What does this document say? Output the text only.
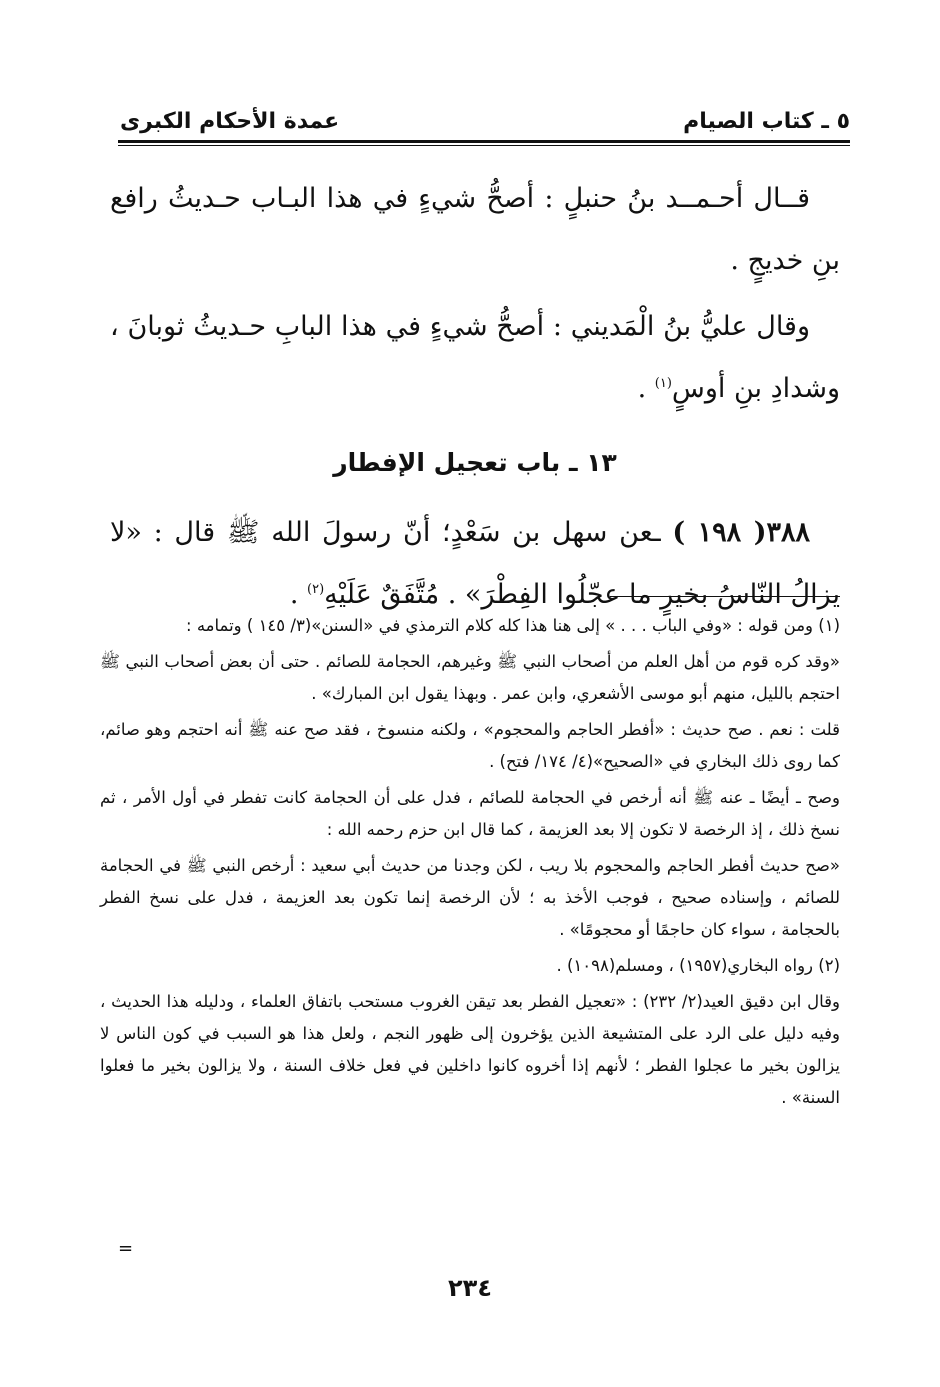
٥ ـ كتاب الصيام
عمدة الأحكام الكبرى

قــال أحـمــد بنُ حنبلٍ : أصحُّ شيءٍ في هذا البـاب حـديثُ رافع بنِ خديجٍ .

وقال عليُّ بنُ الْمَديني : أصحُّ شيءٍ في هذا البابِ حـديثُ ثوبانَ ، وشدادِ بنِ أوسٍ$^{(١)}$ .

١٣ ـ باب تعجيل الإفطار

٣٨٨( ١٩٨ ) ـعن سهل بن سَعْدٍ؛ أنّ رسولَ الله ﷺ قال : «لا يزالُ النّاسُ بخيرٍ ما عجّلُوا الفِطْرَ» . مُتَّفَقٌ عَلَيْهِ$^{(٢)}$ .

(١) ومن قوله : «وفي الباب . . . » إلى هنا هذا كله كلام الترمذي في «السنن»(٣/ ١٤٥ ) وتمامه :

«وقد كره قوم من أهل العلم من أصحاب النبي ﷺ وغيرهم، الحجامة للصائم . حتى أن بعض أصحاب النبي ﷺ احتجم بالليل، منهم أبو موسى الأشعري، وابن عمر . وبهذا يقول ابن المبارك» .

قلت : نعم . صح حديث : «أفطر الحاجم والمحجوم» ، ولكنه منسوخ ، فقد صح عنه ﷺ أنه احتجم وهو صائم، كما روى ذلك البخاري في «الصحيح»(٤/ ١٧٤/ فتح) .

وصح ـ أيضًا ـ عنه ﷺ أنه أرخص في الحجامة للصائم ، فدل على أن الحجامة كانت تفطر في أول الأمر ، ثم نسخ ذلك ، إذ الرخصة لا تكون إلا بعد العزيمة ، كما قال ابن حزم رحمه الله :

«صح حديث أفطر الحاجم والمحجوم بلا ريب ، لكن وجدنا من حديث أبي سعيد : أرخص النبي ﷺ في الحجامة للصائم ، وإسناده صحيح ، فوجب الأخذ به ؛ لأن الرخصة إنما تكون بعد العزيمة ، فدل على نسخ الفطر بالحجامة ، سواء كان حاجمًا أو محجومًا» .

(٢) رواه البخاري(١٩٥٧) ، ومسلم(١٠٩٨) .

وقال ابن دقيق العيد(٢/ ٢٣٢) : «تعجيل الفطر بعد تيقن الغروب مستحب باتفاق العلماء ، ودليله هذا الحديث ، وفيه دليل على الرد على المتشيعة الذين يؤخرون إلى ظهور النجم ، ولعل هذا هو السبب في كون الناس لا يزالون بخير ما عجلوا الفطر ؛ لأنهم إذا أخروه كانوا داخلين في فعل خلاف السنة ، ولا يزالون بخير ما فعلوا السنة» .

=
٢٣٤
